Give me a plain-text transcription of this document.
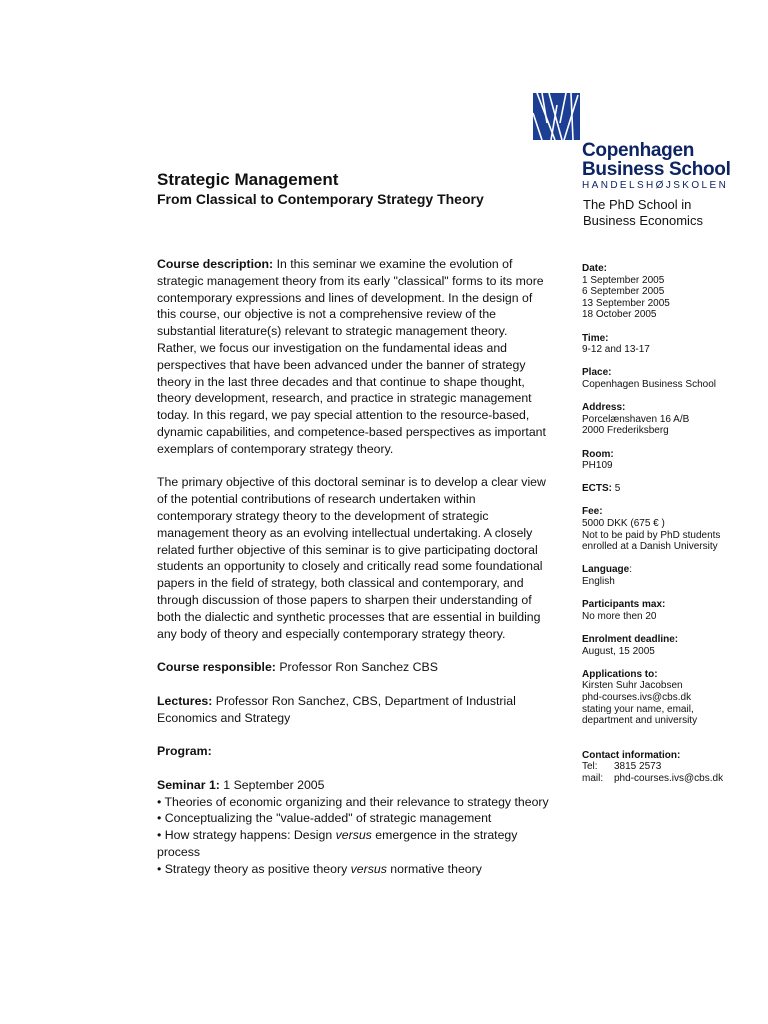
Copenhagen
Business School
HANDELSHØJSKOLEN
The PhD School in
Business Economics
Strategic Management
From Classical to Contemporary Strategy Theory

Course description: In this seminar we examine the evolution of strategic management theory from its early "classical" forms to its more contemporary expressions and lines of development. In the design of this course, our objective is not a comprehensive review of the substantial literature(s) relevant to strategic management theory. Rather, we focus our investigation on the fundamental ideas and perspectives that have been advanced under the banner of strategy theory in the last three decades and that continue to shape thought, theory development, research, and practice in strategic management today. In this regard, we pay special attention to the resource-based, dynamic capabilities, and competence-based perspectives as important exemplars of contemporary strategy theory.

The primary objective of this doctoral seminar is to develop a clear view of the potential contributions of research undertaken within contemporary strategy theory to the development of strategic management theory as an evolving intellectual undertaking. A closely related further objective of this seminar is to give participating doctoral students an opportunity to closely and critically read some foundational papers in the field of strategy, both classical and contemporary, and through discussion of those papers to sharpen their understanding of both the dialectic and synthetic processes that are essential in building any body of theory and especially contemporary strategy theory.

Course responsible: Professor Ron Sanchez CBS

Lectures: Professor Ron Sanchez, CBS, Department of Industrial Economics and Strategy

Program:

Seminar 1: 1 September 2005
• Theories of economic organizing and their relevance to strategy theory
• Conceptualizing the "value-added" of strategic management
• How strategy happens: Design versus emergence in the strategy process
• Strategy theory as positive theory versus normative theory
Date:
1 September 2005
6 September 2005
13 September 2005
18 October 2005
Time:
9-12 and 13-17
Place:
Copenhagen Business School
Address:
Porcelænshaven 16 A/B
2000 Frederiksberg
Room:
PH109
ECTS: 5
Fee:
5000 DKK (675 € )
Not to be paid by PhD students
enrolled at a Danish University
Language:
English
Participants max:
No more then 20
Enrolment deadline:
August, 15 2005
Applications to:
Kirsten Suhr Jacobsen
phd-courses.ivs@cbs.dk
stating your name, email,
department and university
Contact information:
Tel:	3815 2573
mail:	phd-courses.ivs@cbs.dk
